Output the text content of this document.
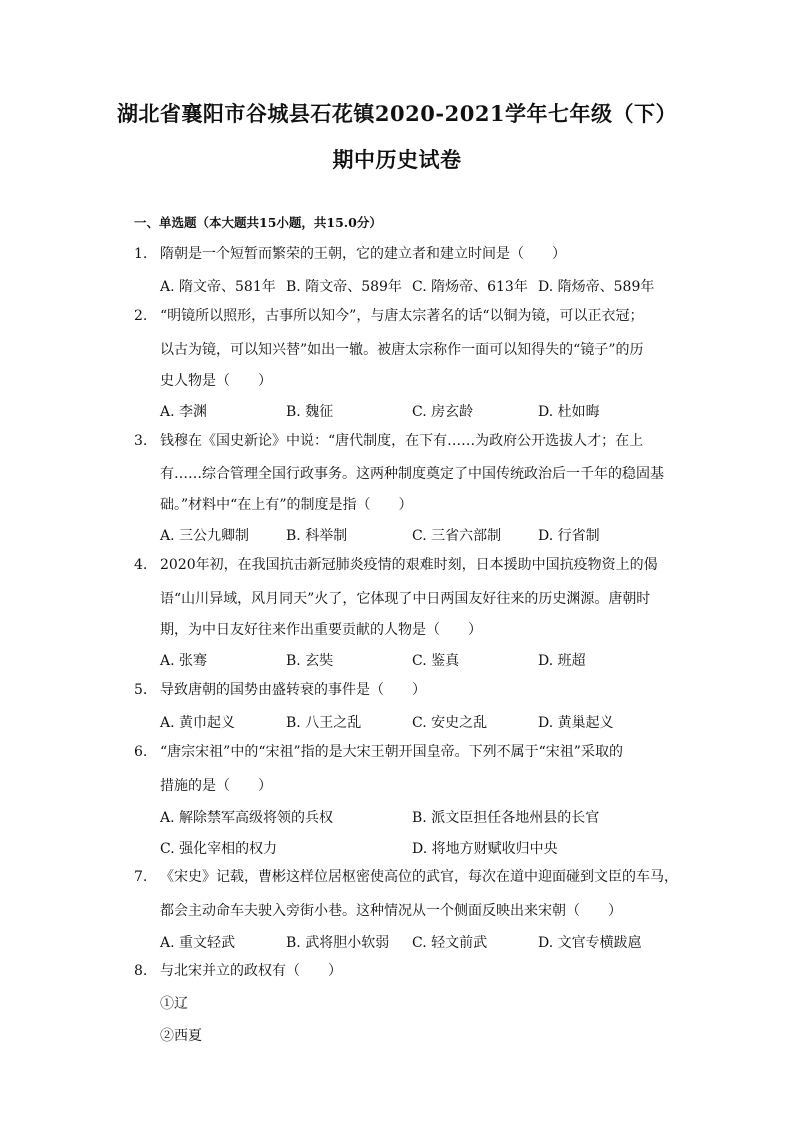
湖北省襄阳市谷城县石花镇2020-2021学年七年级（下）
期中历史试卷
一、单选题（本大题共15小题，共15.0分）
1. 隋朝是一个短暂而繁荣的王朝，它的建立者和建立时间是（　　）
A. 隋文帝、581年 B. 隋文帝、589年 C. 隋炀帝、613年 D. 隋炀帝、589年
2. “明镜所以照形，古事所以知今”，与唐太宗著名的话“以铜为镜，可以正衣冠；
以古为镜，可以知兴替”如出一辙。被唐太宗称作一面可以知得失的“镜子”的历
史人物是（　　）
A. 李渊	B. 魏征	C. 房玄龄	D. 杜如晦
3. 钱穆在《国史新论》中说：“唐代制度，在下有……为政府公开选拔人才；在上
有……综合管理全国行政事务。这两种制度奠定了中国传统政治后一千年的稳固基
础。”材料中“在上有”的制度是指（　　）
A. 三公九卿制	B. 科举制	C. 三省六部制	D. 行省制
4. 2020年初，在我国抗击新冠肺炎疫情的艰难时刻，日本援助中国抗疫物资上的偈
语“山川异域，风月同天”火了，它体现了中日两国友好往来的历史渊源。唐朝时
期，为中日友好往来作出重要贡献的人物是（　　）
A. 张骞	B. 玄奘	C. 鉴真	D. 班超
5. 导致唐朝的国势由盛转衰的事件是（　　）
A. 黄巾起义	B. 八王之乱	C. 安史之乱	D. 黄巢起义
6. “唐宗宋祖”中的“宋祖”指的是大宋王朝开国皇帝。下列不属于“宋祖”采取的
措施的是（　　）
A. 解除禁军高级将领的兵权	B. 派文臣担任各地州县的长官
C. 强化宰相的权力	D. 将地方财赋收归中央
7. 《宋史》记载，曹彬这样位居枢密使高位的武官，每次在道中迎面碰到文臣的车马，
都会主动命车夫驶入旁街小巷。这种情况从一个侧面反映出来宋朝（　　）
A. 重文轻武	B. 武将胆小软弱 C. 轻文前武	D. 文官专横跋扈
8. 与北宋并立的政权有（　　）
①辽
②西夏
